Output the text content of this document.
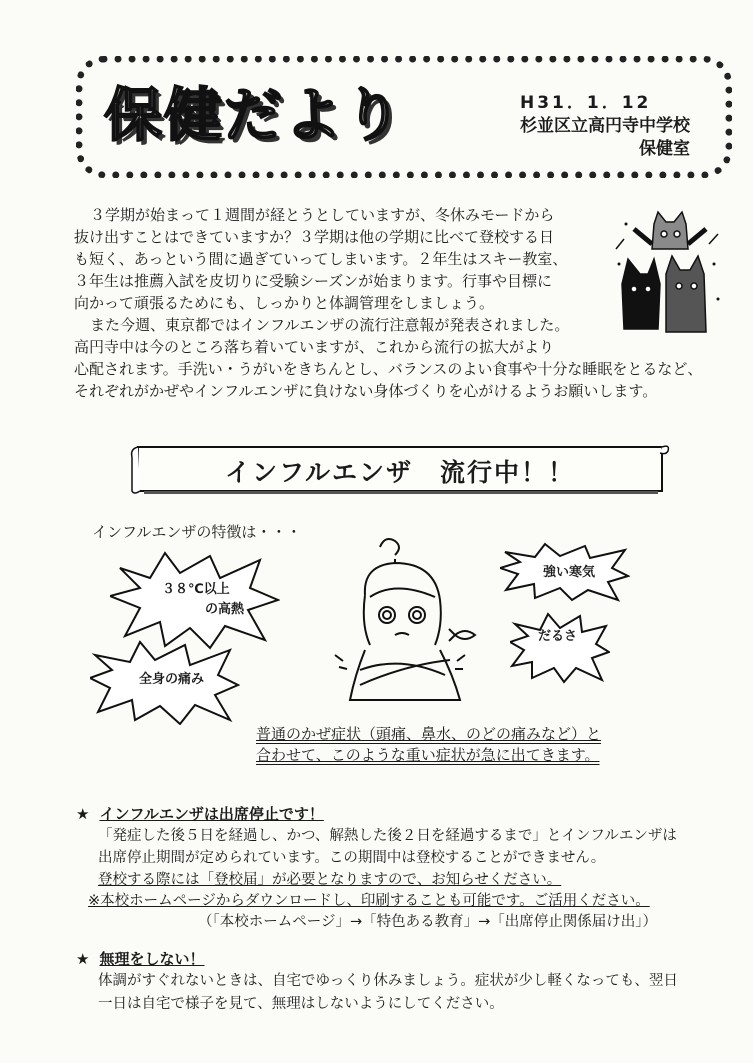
保健だより	H31．1．12
杉並区立高円寺中学校
保健室
３学期が始まって１週間が経とうとしていますが、冬休みモードから
抜け出すことはできていますか？３学期は他の学期に比べて登校する日
も短く、あっという間に過ぎていってしまいます。２年生はスキー教室、
３年生は推薦入試を皮切りに受験シーズンが始まります。行事や目標に
向かって頑張るためにも、しっかりと体調管理をしましょう。
また今週、東京都ではインフルエンザの流行注意報が発表されました。
高円寺中は今のところ落ち着いていますが、これから流行の拡大がより
心配されます。手洗い・うがいをきちんとし、バランスのよい食事や十分な睡眠をとるなど、
それぞれがかぜやインフルエンザに負けない身体づくりを心がけるようお願いします。
インフルエンザ　流行中！！
インフルエンザの特徴は・・・
３８℃以上
の高熱
全身の痛み
強い寒気
だるさ
普通のかぜ症状（頭痛、鼻水、のどの痛みなど）と
合わせて、このような重い症状が急に出てきます。
★ インフルエンザは出席停止です！
「発症した後５日を経過し、かつ、解熱した後２日を経過するまで」とインフルエンザは
出席停止期間が定められています。この期間中は登校することができません。
登校する際には「登校届」が必要となりますので、お知らせください。
※本校ホームページからダウンロードし、印刷することも可能です。ご活用ください。
（「本校ホームページ」→「特色ある教育」→「出席停止関係届け出」）
★ 無理をしない！
体調がすぐれないときは、自宅でゆっくり休みましょう。症状が少し軽くなっても、翌日
一日は自宅で様子を見て、無理はしないようにしてください。
